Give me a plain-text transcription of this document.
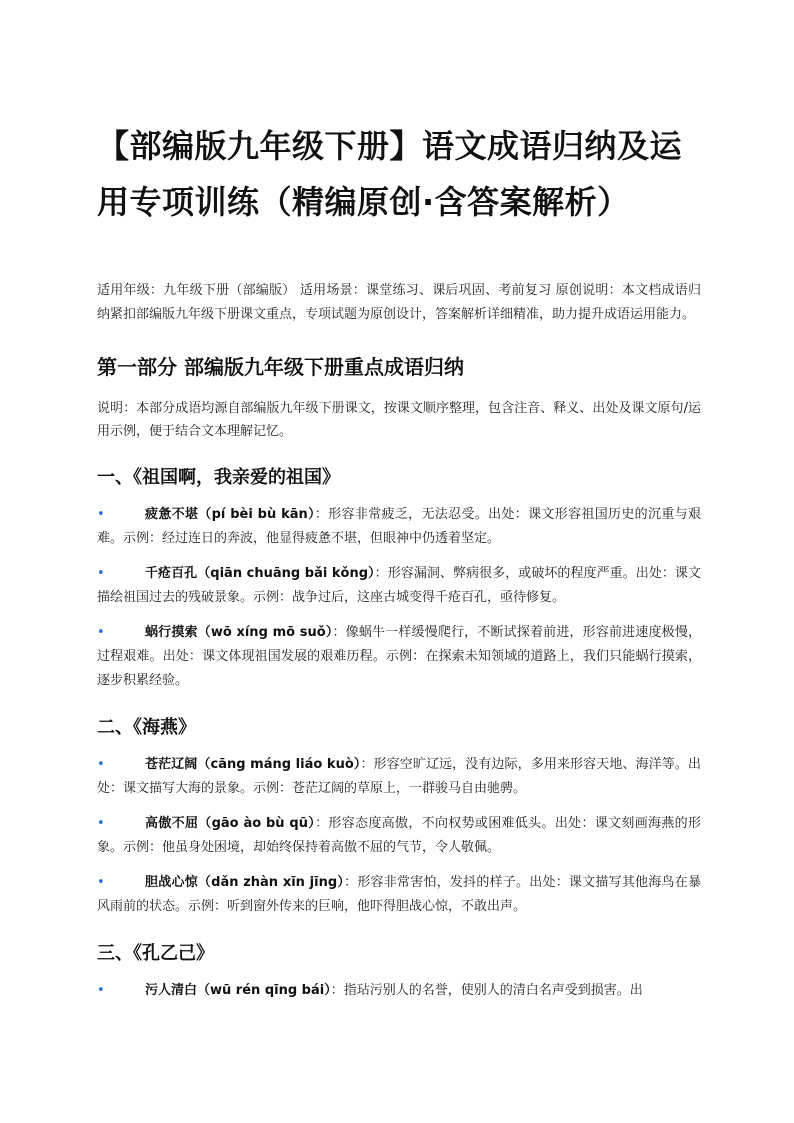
【部编版九年级下册】语文成语归纳及运用专项训练（精编原创·含答案解析）

适用年级：九年级下册（部编版） 适用场景：课堂练习、课后巩固、考前复习 原创说明：本文档成语归纳紧扣部编版九年级下册课文重点，专项试题为原创设计，答案解析详细精准，助力提升成语运用能力。

第一部分 部编版九年级下册重点成语归纳

说明：本部分成语均源自部编版九年级下册课文，按课文顺序整理，包含注音、释义、出处及课文原句/运用示例，便于结合文本理解记忆。

一、《祖国啊，我亲爱的祖国》
•	疲惫不堪（pí bèi bù kān）：形容非常疲乏，无法忍受。出处：课文形容祖国历史的沉重与艰难。示例：经过连日的奔波，他显得疲惫不堪，但眼神中仍透着坚定。
•	千疮百孔（qiān chuāng bǎi kǒng）：形容漏洞、弊病很多，或破坏的程度严重。出处：课文描绘祖国过去的残破景象。示例：战争过后，这座古城变得千疮百孔，亟待修复。
•	蜗行摸索（wō xíng mō suǒ）：像蜗牛一样缓慢爬行，不断试探着前进，形容前进速度极慢，过程艰难。出处：课文体现祖国发展的艰难历程。示例：在探索未知领域的道路上，我们只能蜗行摸索，逐步积累经验。
二、《海燕》
•	苍茫辽阔（cāng máng liáo kuò）：形容空旷辽远，没有边际，多用来形容天地、海洋等。出处：课文描写大海的景象。示例：苍茫辽阔的草原上，一群骏马自由驰骋。
•	高傲不屈（gāo ào bù qū）：形容态度高傲，不向权势或困难低头。出处：课文刻画海燕的形象。示例：他虽身处困境，却始终保持着高傲不屈的气节，令人敬佩。
•	胆战心惊（dǎn zhàn xīn jīng）：形容非常害怕，发抖的样子。出处：课文描写其他海鸟在暴风雨前的状态。示例：听到窗外传来的巨响，他吓得胆战心惊，不敢出声。
三、《孔乙己》
•	污人清白（wū rén qīng bái）：指玷污别人的名誉，使别人的清白名声受到损害。出
